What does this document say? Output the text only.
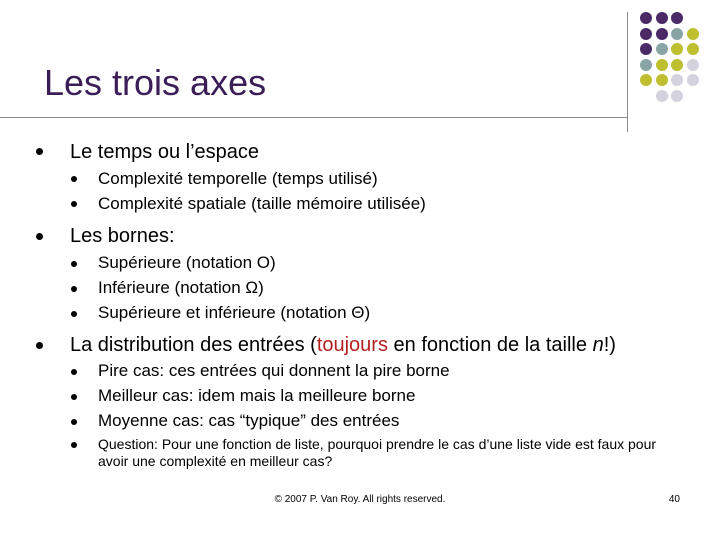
Les trois axes
Le temps ou l’espace
Complexité temporelle (temps utilisé)
Complexité spatiale (taille mémoire utilisée)
Les bornes:
Supérieure (notation O)
Inférieure (notation Ω)
Supérieure et inférieure (notation Θ)
La distribution des entrées (toujours en fonction de la taille n!)
Pire cas: ces entrées qui donnent la pire borne
Meilleur cas: idem mais la meilleure borne
Moyenne cas: cas “typique” des entrées
Question: Pour une fonction de liste, pourquoi prendre le cas d’une liste vide est faux pour avoir une complexité en meilleur cas?
© 2007 P. Van Roy. All rights reserved.	40
